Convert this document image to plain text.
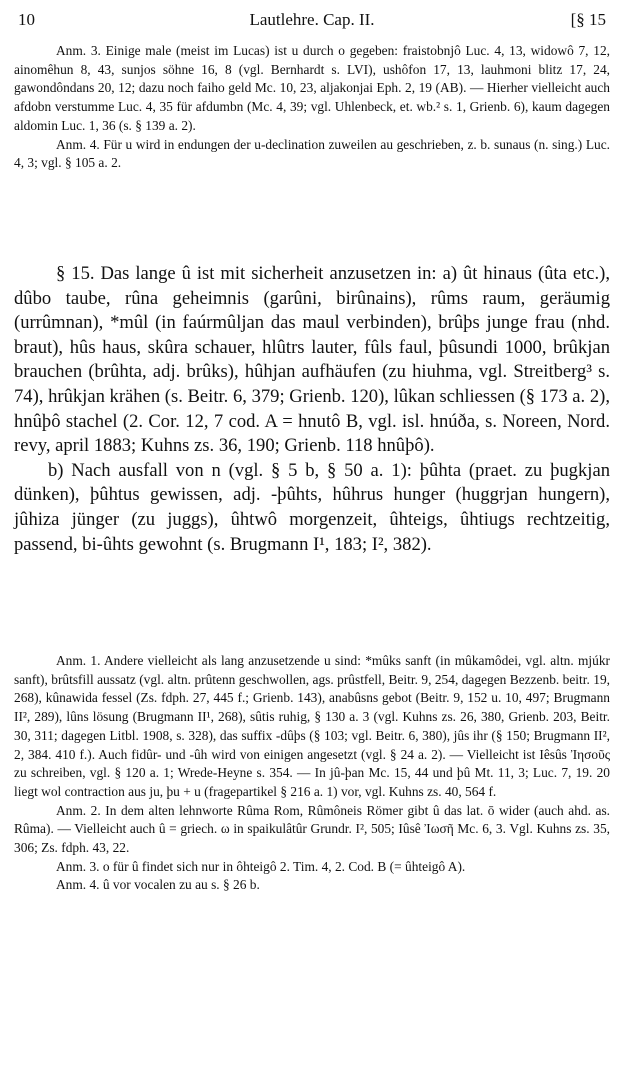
10	Lautlehre. Cap. II.	[§ 15

Anm. 3. Einige male (meist im Lucas) ist u durch o gegeben: fraistobnjô Luc. 4, 13, widowô 7, 12, ainomêhun 8, 43, sunjos söhne 16, 8 (vgl. Bernhardt s. LVI), ushôfon 17, 13, lauhmoni blitz 17, 24, gawondôndans 20, 12; dazu noch faiho geld Mc. 10, 23, aljakonjai Eph. 2, 19 (AB). — Hierher vielleicht auch afdobn verstumme Luc. 4, 35 für afdumbn (Mc. 4, 39; vgl. Uhlenbeck, et. wb.² s. 1, Grienb. 6), kaum dagegen aldomin Luc. 1, 36 (s. § 139 a. 2).

Anm. 4. Für u wird in endungen der u-declination zuweilen au geschrieben, z. b. sunaus (n. sing.) Luc. 4, 3; vgl. § 105 a. 2.

§ 15. Das lange û ist mit sicherheit anzusetzen in: a) ût hinaus (ûta etc.), dûbo taube, rûna geheimnis (garûni, birûnains), rûms raum, geräumig (urrûmnan), *mûl (in faúrmûljan das maul verbinden), brûþs junge frau (nhd. braut), hûs haus, skûra schauer, hlûtrs lauter, fûls faul, þûsundi 1000, brûkjan brauchen (brûhta, adj. brûks), hûhjan aufhäufen (zu hiuhma, vgl. Streitberg³ s. 74), hrûkjan krähen (s. Beitr. 6, 379; Grienb. 120), lûkan schliessen (§ 173 a. 2), hnûþô stachel (2. Cor. 12, 7 cod. A = hnutô B, vgl. isl. hnúða, s. Noreen, Nord. revy, april 1883; Kuhns zs. 36, 190; Grienb. 118 hnûþô).

b) Nach ausfall von n (vgl. § 5 b, § 50 a. 1): þûhta (praet. zu þugkjan dünken), þûhtus gewissen, adj. -þûhts, hûhrus hunger (huggrjan hungern), jûhiza jünger (zu juggs), ûhtwô morgenzeit, ûhteigs, ûhtiugs rechtzeitig, passend, bi-ûhts gewohnt (s. Brugmann I¹, 183; I², 382).

Anm. 1. Andere vielleicht als lang anzusetzende u sind: *mûks sanft (in mûkamôdei, vgl. altn. mjúkr sanft), brûtsfill aussatz (vgl. altn. prûtenn geschwollen, ags. prûstfell, Beitr. 9, 254, dagegen Bezzenb. beitr. 19, 268), kûnawida fessel (Zs. fdph. 27, 445 f.; Grienb. 143), anabûsns gebot (Beitr. 9, 152 u. 10, 497; Brugmann II², 289), lûns lösung (Brugmann II¹, 268), sûtis ruhig, § 130 a. 3 (vgl. Kuhns zs. 26, 380, Grienb. 203, Beitr. 30, 311; dagegen Litbl. 1908, s. 328), das suffix -dûþs (§ 103; vgl. Beitr. 6, 380), jûs ihr (§ 150; Brugmann II², 2, 384. 410 f.). Auch fidûr- und -ûh wird von einigen angesetzt (vgl. § 24 a. 2). — Vielleicht ist Iêsûs Ἰησοῦς zu schreiben, vgl. § 120 a. 1; Wrede-Heyne s. 354. — In jû-þan Mc. 15, 44 und þû Mt. 11, 3; Luc. 7, 19. 20 liegt wol contraction aus ju, þu + u (fragepartikel § 216 a. 1) vor, vgl. Kuhns zs. 40, 564 f.

Anm. 2. In dem alten lehnworte Rûma Rom, Rûmôneis Römer gibt û das lat. ō wider (auch ahd. as. Rûma). — Vielleicht auch û = griech. ω in spaikulâtûr Grundr. I², 505; Iûsê Ἰωσῆ Mc. 6, 3. Vgl. Kuhns zs. 35, 306; Zs. fdph. 43, 22.

Anm. 3. o für û findet sich nur in ôhteigô 2. Tim. 4, 2. Cod. B (= ûhteigô A).

Anm. 4. û vor vocalen zu au s. § 26 b.
